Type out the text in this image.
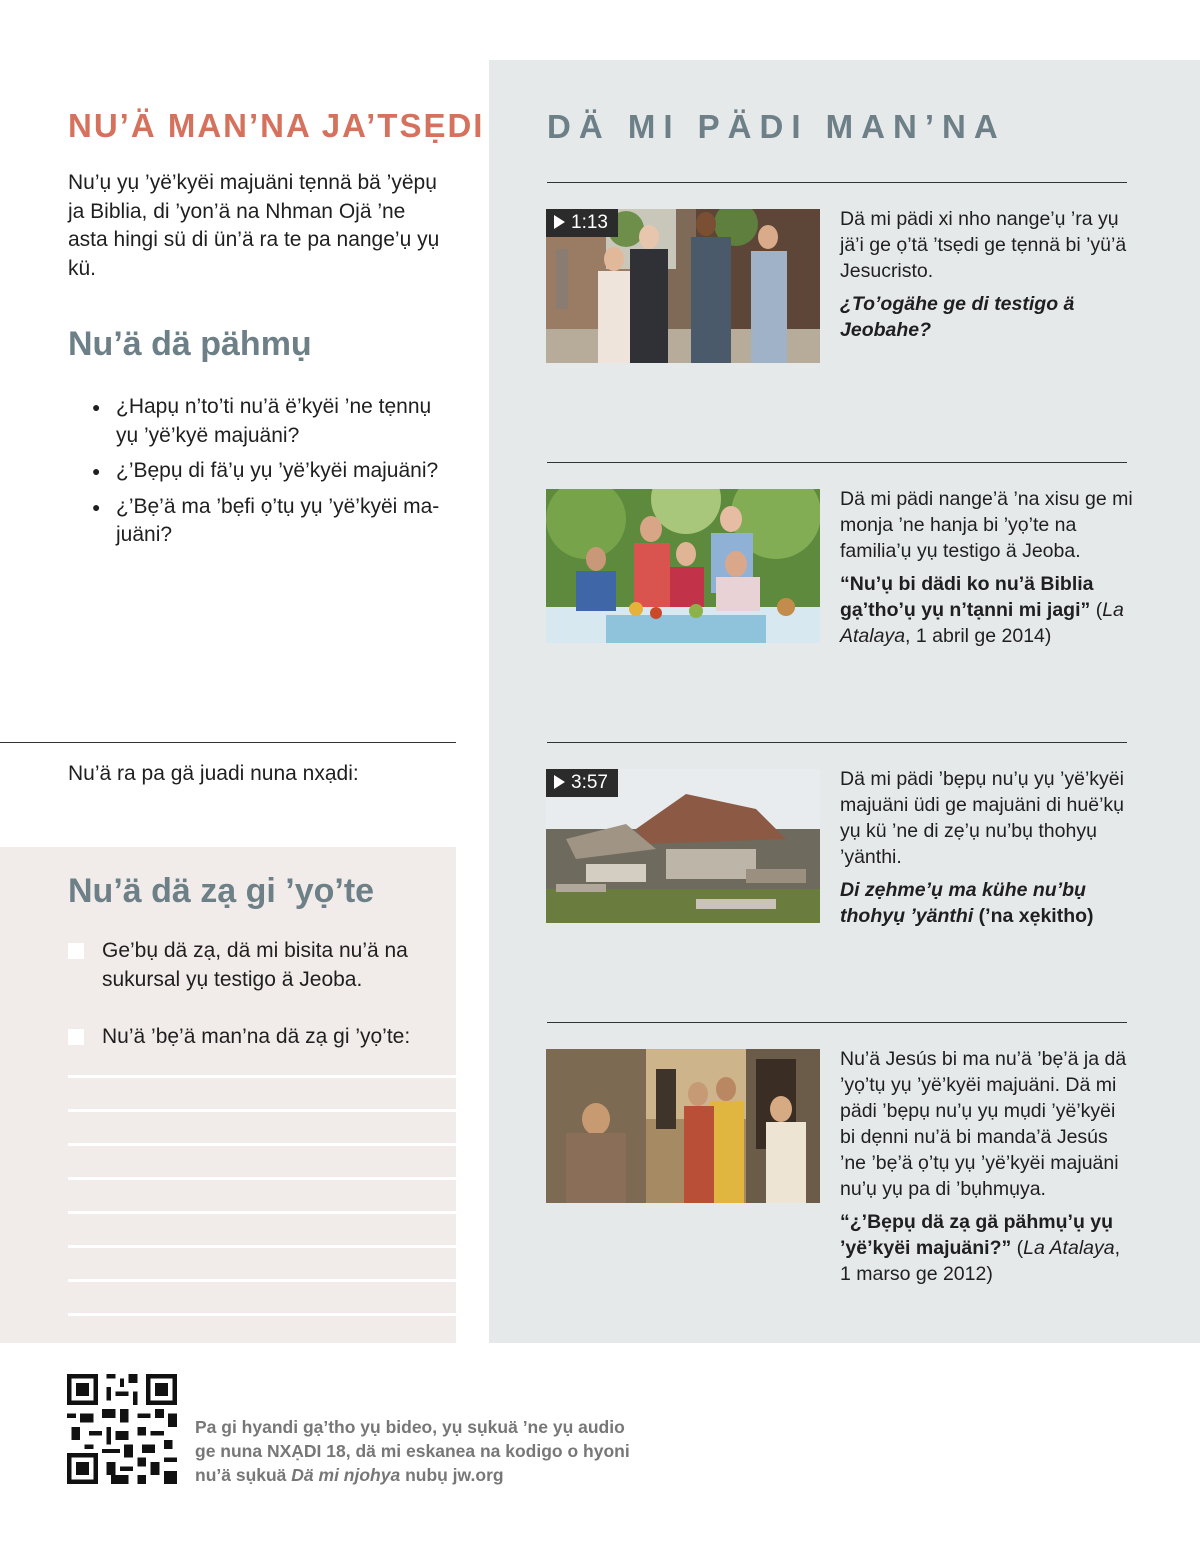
DÄ MI PÄDI MAN’NA
NU’Ä MAN’NA JA’TSẸDI
Nu’ụ yụ ’yë’kyëi majuäni tẹnnä bä ’yëpụ ja Biblia, di ’yon’ä na Nhman Ojä ’ne asta hingi sü di ün’ä ra te pa nange’ụ yụ kü.
Nu’ä dä pähmụ
● ¿Hapụ n’to’ti nu’ä ë’kyëi ’ne tẹnnụ yụ ’yë’kyë majuäni?
● ¿’Bẹpụ di fä’ụ yụ ’yë’kyëi majuäni?
● ¿’Bẹ’ä ma ’bẹfi ọ’tụ yụ ’yë’kyëi ma-juäni?
Nu’ä ra pa gä juadi nuna nxạdi:
Nu’ä dä zạ gi ’yọ’te
Ge’bụ dä zạ, dä mi bisita nu’ä na sukursal yụ testigo ä Jeoba.
Nu’ä ’bẹ’ä man’na dä zạ gi ’yọ’te:
1:13	Dä mi pädi xi nho nange’ụ ’ra yụ jä’i ge ọ’tä ’tsẹdi ge tẹnnä bi ’yü’ä Jesucristo.
¿To’ogähe ge di testigo ä Jeobahe?
Dä mi pädi nange’ä ’na xisu ge mi monja ’ne hanja bi ’yọ’te na familia’ụ yụ testigo ä Jeoba.
“Nu’ụ bi dädi ko nu’ä Biblia gạ’tho’ụ yụ n’tạnni mi jagi” (La Atalaya, 1 abril ge 2014)
3:57	Dä mi pädi ’bẹpụ nu’ụ yụ ’yë’kyëi majuäni üdi ge majuäni di huë’kụ yụ kü ’ne di zẹ’ụ nu’bụ thohyụ ’yänthi.
Di zẹhme’ụ ma kühe nu’bụ thohyụ ’yänthi (’na xẹkitho)
Nu’ä Jesús bi ma nu’ä ’bẹ’ä ja dä ’yọ’tụ yụ ’yë’kyëi majuäni. Dä mi pädi ’bẹpụ nu’ụ yụ mụdi ’yë’kyëi bi dẹnni nu’ä bi manda’ä Jesús ’ne ’bẹ’ä ọ’tụ yụ ’yë’kyëi majuäni nu’ụ yụ pa di ’bụhmụya.
“¿’Bẹpụ dä zạ gä pähmụ’ụ yụ ’yë’kyëi majuäni?” (La Atalaya, 1 marso ge 2012)
Pa gi hyandi gạ’tho yụ bideo, yụ sụkuä ’ne yụ audio ge nuna NXẠDI 18, dä mi eskanea na kodigo o hyoni nu’ä sụkuä Dä mi njohya nubụ jw.org
